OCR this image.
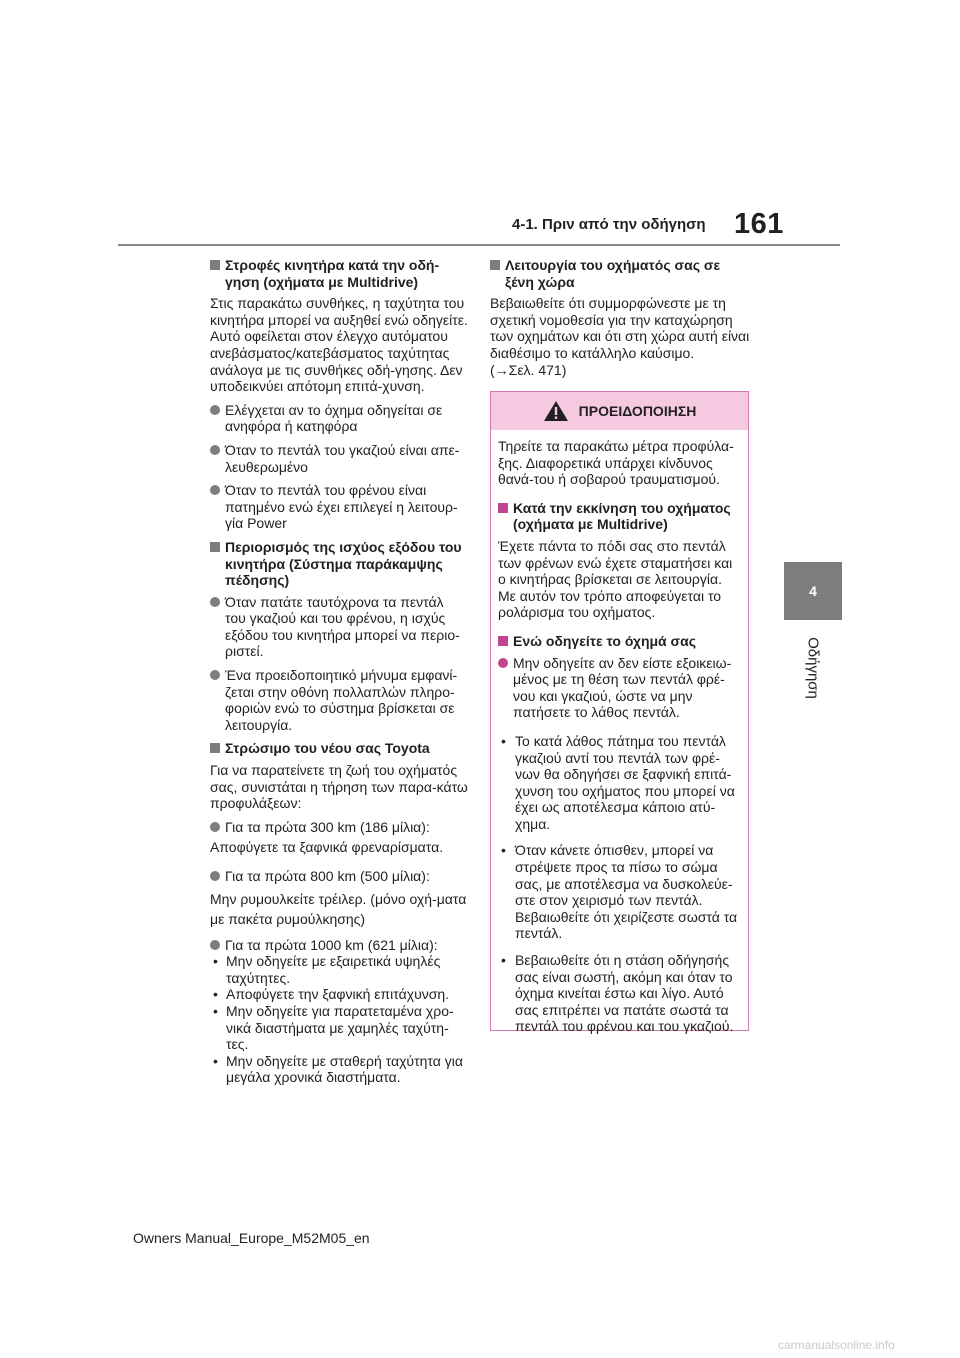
4-1. Πριν από την οδήγηση 161
4
Οδήγηση
Στροφές κινητήρα κατά την οδή-γηση (οχήματα με Multidrive)
Στις παρακάτω συνθήκες, η ταχύτητα του κινητήρα μπορεί να αυξηθεί ενώ οδηγείτε. Αυτό οφείλεται στον έλεγχο αυτόματου ανεβάσματος/κατεβάσματος ταχύτητας ανάλογα με τις συνθήκες οδή-γησης. Δεν υποδεικνύει απότομη επιτά-χυνση.
Ελέγχεται αν το όχημα οδηγείται σε ανηφόρα ή κατηφόρα
Όταν το πεντάλ του γκαζιού είναι απε-λευθερωμένο
Όταν το πεντάλ του φρένου είναι πατημένο ενώ έχει επιλεγεί η λειτουρ-γία Power
Περιορισμός της ισχύος εξόδου του κινητήρα (Σύστημα παράκαμψης πέδησης)
Όταν πατάτε ταυτόχρονα τα πεντάλ του γκαζιού και του φρένου, η ισχύς εξόδου του κινητήρα μπορεί να περιο-ριστεί.
Ένα προειδοποιητικό μήνυμα εμφανί-ζεται στην οθόνη πολλαπλών πληρο-φοριών ενώ το σύστημα βρίσκεται σε λειτουργία.
Στρώσιμο του νέου σας Toyota
Για να παρατείνετε τη ζωή του οχήματός σας, συνιστάται η τήρηση των παρα-κάτω προφυλάξεων:
Για τα πρώτα 300 km (186 μίλια):
Αποφύγετε τα ξαφνικά φρεναρίσματα.
Για τα πρώτα 800 km (500 μίλια):
Μην ρυμουλκείτε τρέιλερ. (μόνο οχή-ματα με πακέτα ρυμούλκησης)
Για τα πρώτα 1000 km (621 μίλια):
• Μην οδηγείτε με εξαιρετικά υψηλές ταχύτητες.
• Αποφύγετε την ξαφνική επιτάχυνση.
• Μην οδηγείτε για παρατεταμένα χρο-νικά διαστήματα με χαμηλές ταχύτη-τες.
• Μην οδηγείτε με σταθερή ταχύτητα για μεγάλα χρονικά διαστήματα.
Λειτουργία του οχήματός σας σε ξένη χώρα
Βεβαιωθείτε ότι συμμορφώνεστε με τη σχετική νομοθεσία για την καταχώρηση των οχημάτων και ότι στη χώρα αυτή είναι διαθέσιμο το κατάλληλο καύσιμο.
(→Σελ. 471)
ΠΡΟΕΙΔΟΠΟΙΗΣΗ
Τηρείτε τα παρακάτω μέτρα προφύλα-ξης. Διαφορετικά υπάρχει κίνδυνος θανά-του ή σοβαρού τραυματισμού.
Κατά την εκκίνηση του οχήματος (οχήματα με Multidrive)
Έχετε πάντα το πόδι σας στο πεντάλ των φρένων ενώ έχετε σταματήσει και ο κινητήρας βρίσκεται σε λειτουργία. Με αυτόν τον τρόπο αποφεύγεται το ρολάρισμα του οχήματος.
Ενώ οδηγείτε το όχημά σας
Μην οδηγείτε αν δεν είστε εξοικειω-μένος με τη θέση των πεντάλ φρέ-νου και γκαζιού, ώστε να μην πατήσετε το λάθος πεντάλ.
• Το κατά λάθος πάτημα του πεντάλ γκαζιού αντί του πεντάλ των φρέ-νων θα οδηγήσει σε ξαφνική επιτά-χυνση του οχήματος που μπορεί να έχει ως αποτέλεσμα κάποιο ατύ-χημα.
• Όταν κάνετε όπισθεν, μπορεί να στρέψετε προς τα πίσω το σώμα σας, με αποτέλεσμα να δυσκολεύε-στε στον χειρισμό των πεντάλ. Βεβαιωθείτε ότι χειρίζεστε σωστά τα πεντάλ.
• Βεβαιωθείτε ότι η στάση οδήγησής σας είναι σωστή, ακόμη και όταν το όχημα κινείται έστω και λίγο. Αυτό σας επιτρέπει να πατάτε σωστά τα πεντάλ του φρένου και του γκαζιού.
Owners Manual_Europe_M52M05_en
carmanualsonline.info
